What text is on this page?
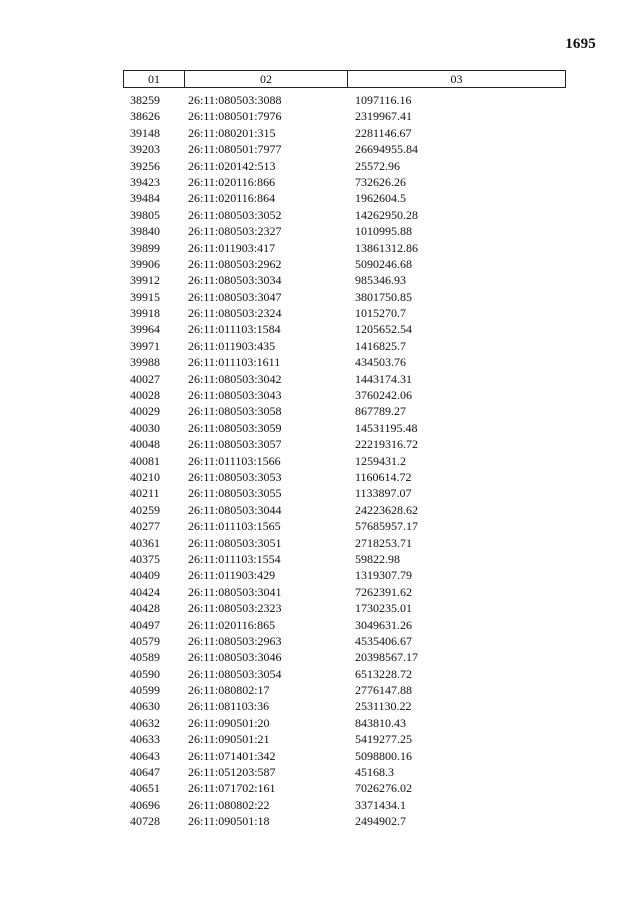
1695
01	02	03
38259 26:11:080503:3088	1097116.16
38626 26:11:080501:7976	2319967.41
39148 26:11:080201:315	2281146.67
39203 26:11:080501:7977	26694955.84
39256 26:11:020142:513	25572.96
39423 26:11:020116:866	732626.26
39484 26:11:020116:864	1962604.5
39805 26:11:080503:3052	14262950.28
39840 26:11:080503:2327	1010995.88
39899 26:11:011903:417	13861312.86
39906 26:11:080503:2962	5090246.68
39912 26:11:080503:3034	985346.93
39915 26:11:080503:3047	3801750.85
39918 26:11:080503:2324	1015270.7
39964 26:11:011103:1584	1205652.54
39971 26:11:011903:435	1416825.7
39988 26:11:011103:1611	434503.76
40027 26:11:080503:3042	1443174.31
40028 26:11:080503:3043	3760242.06
40029 26:11:080503:3058	867789.27
40030 26:11:080503:3059	14531195.48
40048 26:11:080503:3057	22219316.72
40081 26:11:011103:1566	1259431.2
40210 26:11:080503:3053	1160614.72
40211 26:11:080503:3055	1133897.07
40259 26:11:080503:3044	24223628.62
40277 26:11:011103:1565	57685957.17
40361 26:11:080503:3051	2718253.71
40375 26:11:011103:1554	59822.98
40409 26:11:011903:429	1319307.79
40424 26:11:080503:3041	7262391.62
40428 26:11:080503:2323	1730235.01
40497 26:11:020116:865	3049631.26
40579 26:11:080503:2963	4535406.67
40589 26:11:080503:3046	20398567.17
40590 26:11:080503:3054	6513228.72
40599 26:11:080802:17	2776147.88
40630 26:11:081103:36	2531130.22
40632 26:11:090501:20	843810.43
40633 26:11:090501:21	5419277.25
40643 26:11:071401:342	5098800.16
40647 26:11:051203:587	45168.3
40651 26:11:071702:161	7026276.02
40696 26:11:080802:22	3371434.1
40728 26:11:090501:18	2494902.7
